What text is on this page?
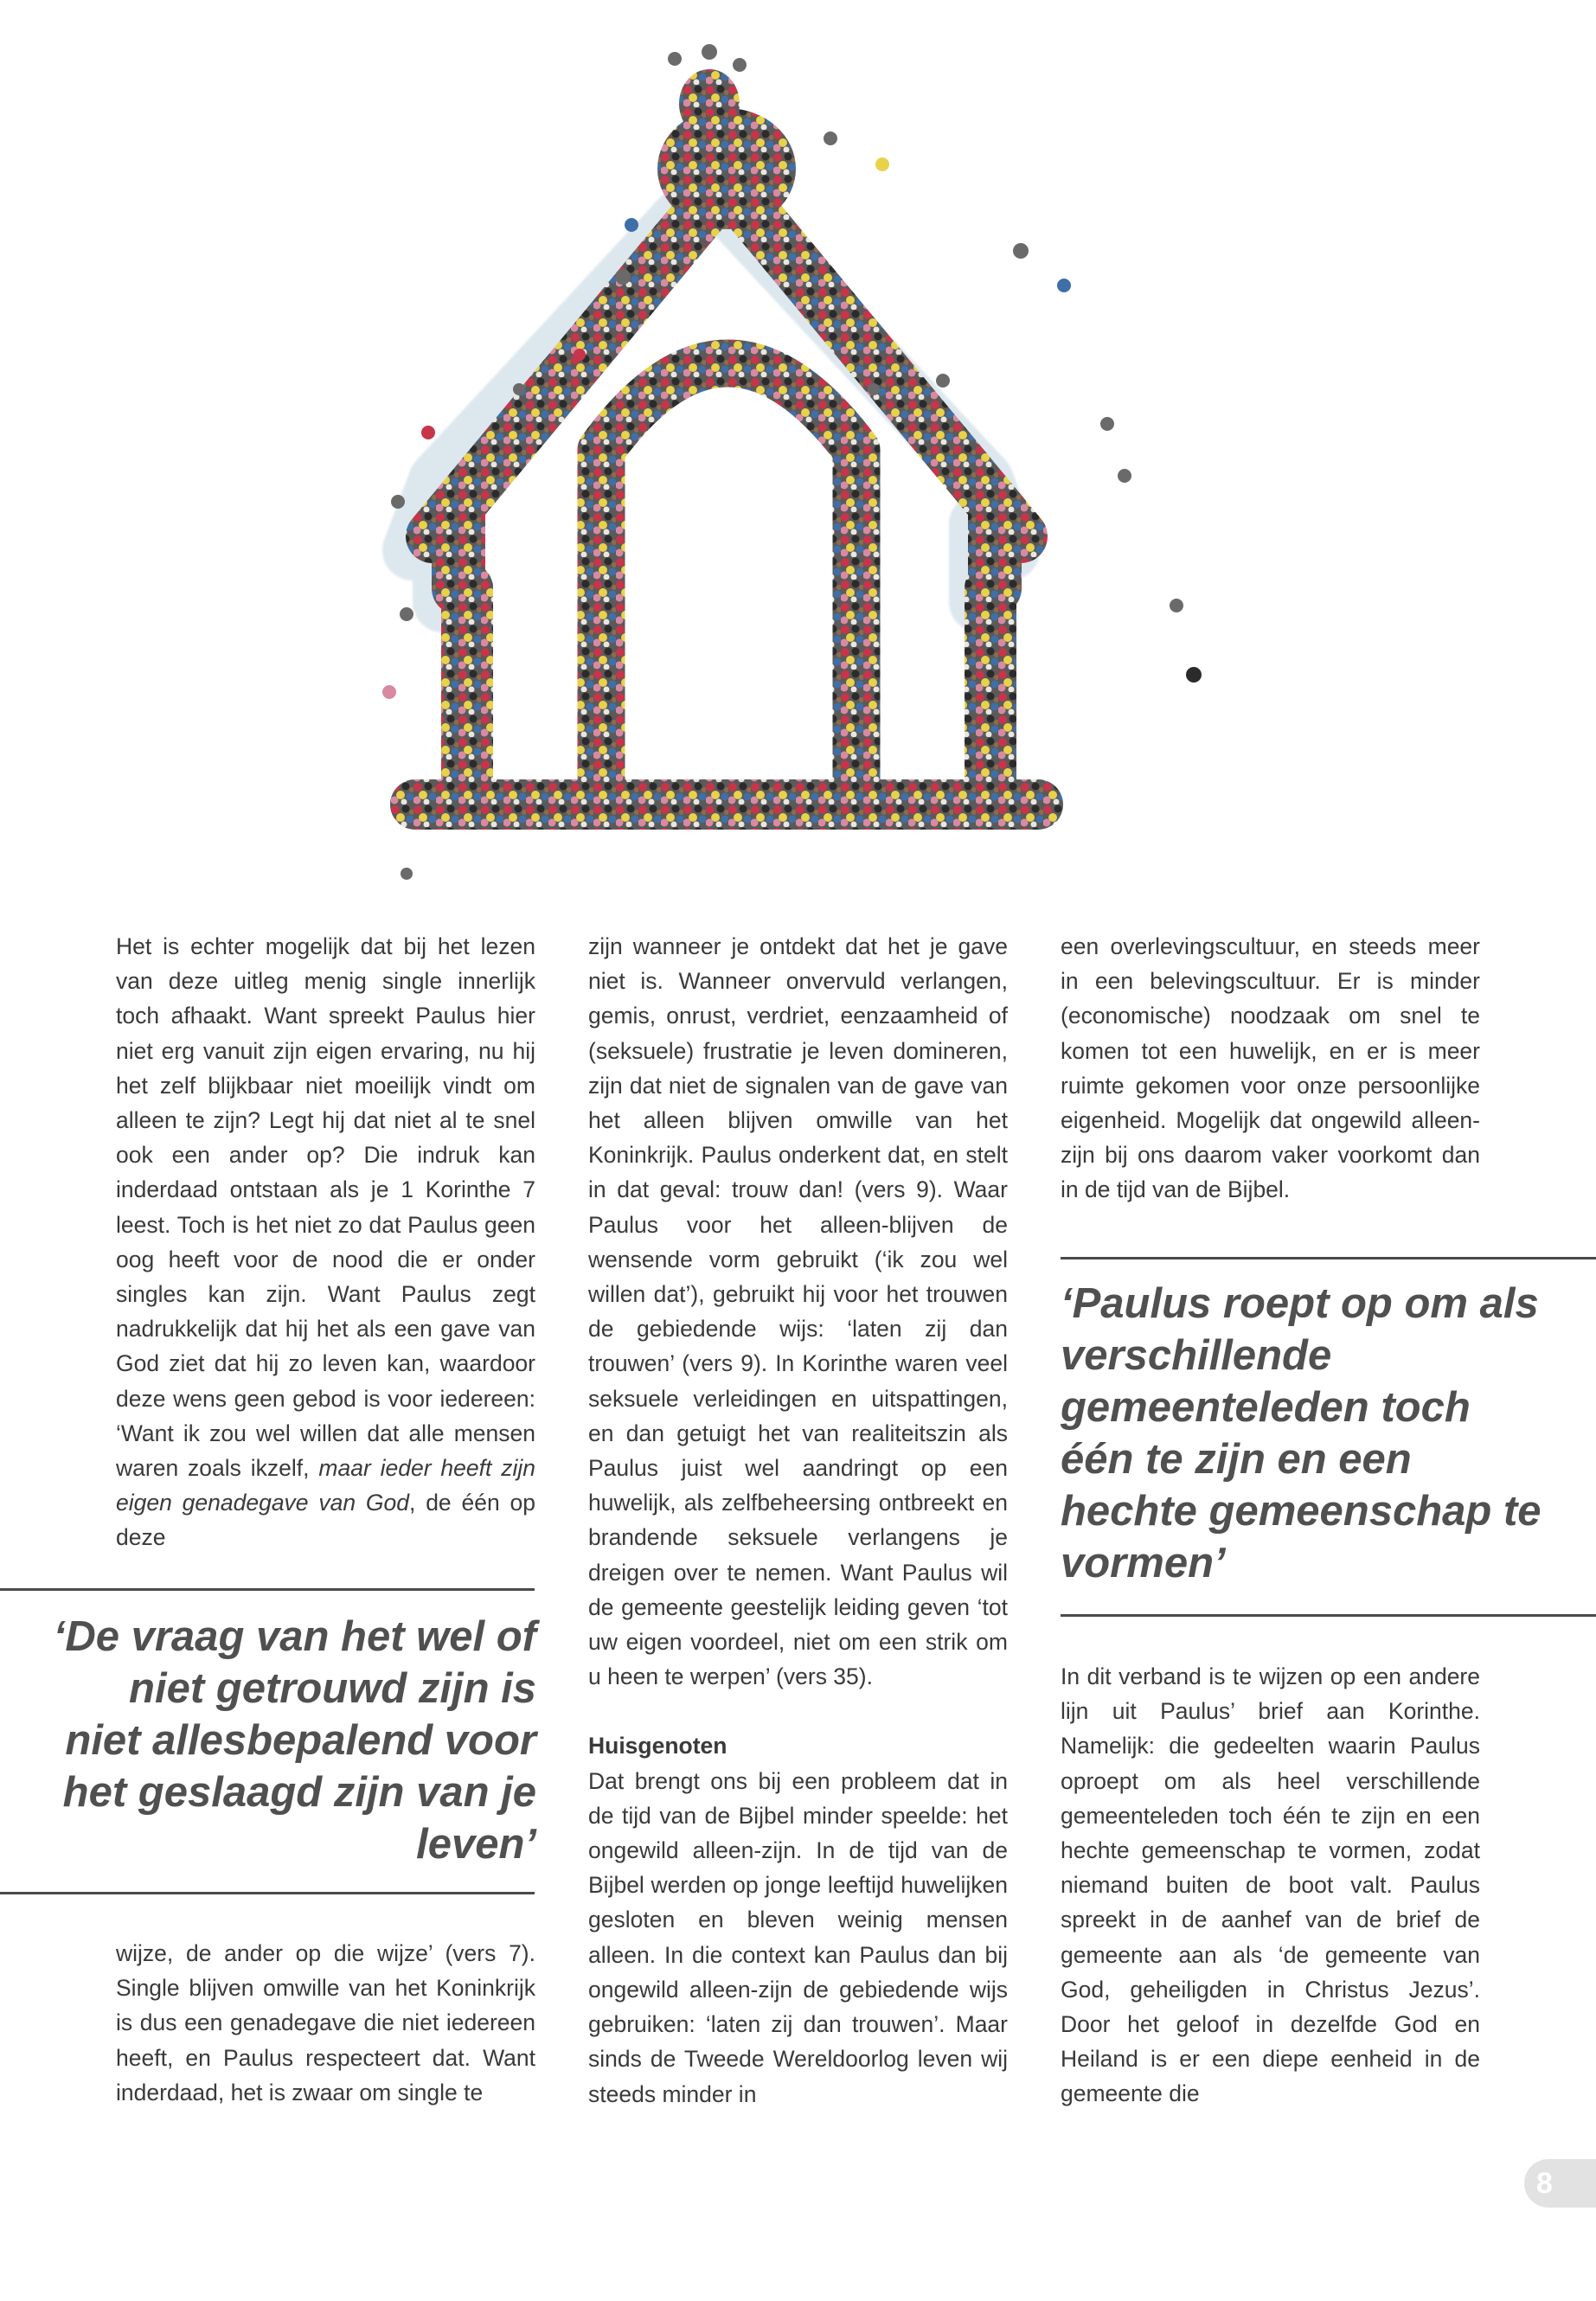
Het is echter mogelijk dat bij het lezen van deze uitleg menig single innerlijk toch afhaakt. Want spreekt Paulus hier niet erg vanuit zijn eigen ervaring, nu hij het zelf blijkbaar niet moeilijk vindt om alleen te zijn? Legt hij dat niet al te snel ook een ander op? Die indruk kan inderdaad ontstaan als je 1 Korinthe 7 leest. Toch is het niet zo dat Paulus geen oog heeft voor de nood die er onder singles kan zijn. Want Paulus zegt nadrukkelijk dat hij het als een gave van God ziet dat hij zo leven kan, waardoor deze wens geen gebod is voor iedereen: ‘Want ik zou wel willen dat alle mensen waren zoals ikzelf, maar ieder heeft zijn eigen genadegave van God, de één op deze

‘De vraag van het wel of niet getrouwd zijn is niet allesbepalend voor het geslaagd zijn van je leven’

wijze, de ander op die wijze’ (vers 7). Single blijven omwille van het Koninkrijk is dus een genadegave die niet iedereen heeft, en Paulus respecteert dat. Want inderdaad, het is zwaar om single te

zijn wanneer je ontdekt dat het je gave niet is. Wanneer onvervuld verlangen, gemis, onrust, verdriet, eenzaamheid of (seksuele) frustratie je leven domineren, zijn dat niet de signalen van de gave van het alleen blijven omwille van het Koninkrijk. Paulus onderkent dat, en stelt in dat geval: trouw dan! (vers 9). Waar Paulus voor het alleen-blijven de wensende vorm gebruikt (‘ik zou wel willen dat’), gebruikt hij voor het trouwen de gebiedende wijs: ‘laten zij dan trouwen’ (vers 9). In Korinthe waren veel seksuele verleidingen en uitspattingen, en dan getuigt het van realiteitszin als Paulus juist wel aandringt op een huwelijk, als zelfbeheersing ontbreekt en brandende seksuele verlangens je dreigen over te nemen. Want Paulus wil de gemeente geestelijk leiding geven ‘tot uw eigen voordeel, niet om een strik om u heen te werpen’ (vers 35).

Huisgenoten

Dat brengt ons bij een probleem dat in de tijd van de Bijbel minder speelde: het ongewild alleen-zijn. In de tijd van de Bijbel werden op jonge leeftijd huwelijken gesloten en bleven weinig mensen alleen. In die context kan Paulus dan bij ongewild alleen-zijn de gebiedende wijs gebruiken: ‘laten zij dan trouwen’. Maar sinds de Tweede Wereldoorlog leven wij steeds minder in

een overlevingscultuur, en steeds meer in een belevingscultuur. Er is minder (economische) noodzaak om snel te komen tot een huwelijk, en er is meer ruimte gekomen voor onze persoonlijke eigenheid. Mogelijk dat ongewild alleen-zijn bij ons daarom vaker voorkomt dan in de tijd van de Bijbel.

‘Paulus roept op om als verschillende gemeenteleden toch één te zijn en een hechte gemeenschap te vormen’

In dit verband is te wijzen op een andere lijn uit Paulus’ brief aan Korinthe. Namelijk: die gedeelten waarin Paulus oproept om als heel verschillende gemeenteleden toch één te zijn en een hechte gemeenschap te vormen, zodat niemand buiten de boot valt. Paulus spreekt in de aanhef van de brief de gemeente aan als ‘de gemeente van God, geheiligden in Christus Jezus’. Door het geloof in dezelfde God en Heiland is er een diepe eenheid in de gemeente die

8
